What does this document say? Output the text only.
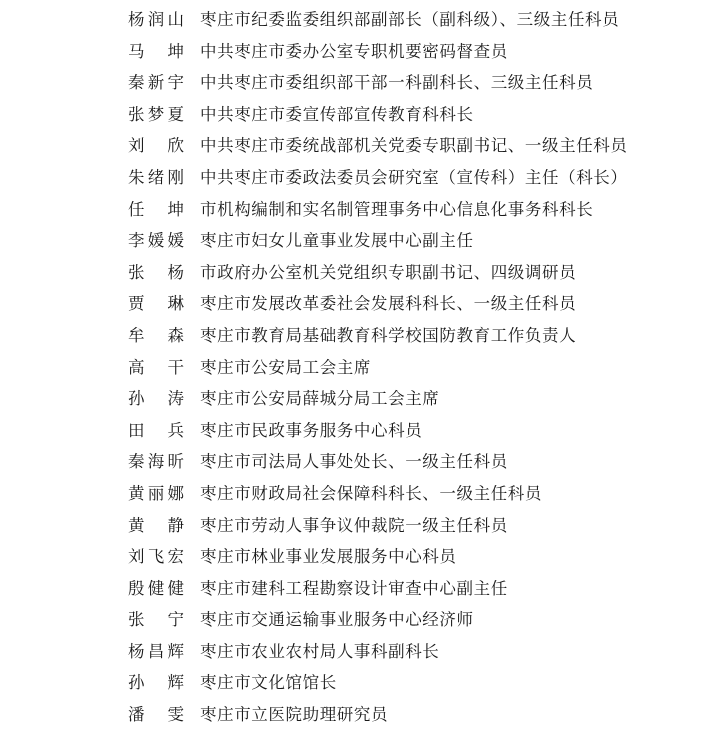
杨润山 枣庄市纪委监委组织部副部长（副科级）、三级主任科员
马　坤 中共枣庄市委办公室专职机要密码督查员
秦新宇 中共枣庄市委组织部干部一科副科长、三级主任科员
张梦夏 中共枣庄市委宣传部宣传教育科科长
刘　欣 中共枣庄市委统战部机关党委专职副书记、一级主任科员
朱绪刚 中共枣庄市委政法委员会研究室（宣传科）主任（科长）
任　坤 市机构编制和实名制管理事务中心信息化事务科科长
李媛媛 枣庄市妇女儿童事业发展中心副主任
张　杨 市政府办公室机关党组织专职副书记、四级调研员
贾　琳 枣庄市发展改革委社会发展科科长、一级主任科员
牟　森 枣庄市教育局基础教育科学校国防教育工作负责人
高　干 枣庄市公安局工会主席
孙　涛 枣庄市公安局薛城分局工会主席
田　兵 枣庄市民政事务服务中心科员
秦海昕 枣庄市司法局人事处处长、一级主任科员
黄丽娜 枣庄市财政局社会保障科科长、一级主任科员
黄　静 枣庄市劳动人事争议仲裁院一级主任科员
刘飞宏 枣庄市林业事业发展服务中心科员
殷健健 枣庄市建科工程勘察设计审查中心副主任
张　宁 枣庄市交通运输事业服务中心经济师
杨昌辉 枣庄市农业农村局人事科副科长
孙　辉 枣庄市文化馆馆长
潘　雯 枣庄市立医院助理研究员
